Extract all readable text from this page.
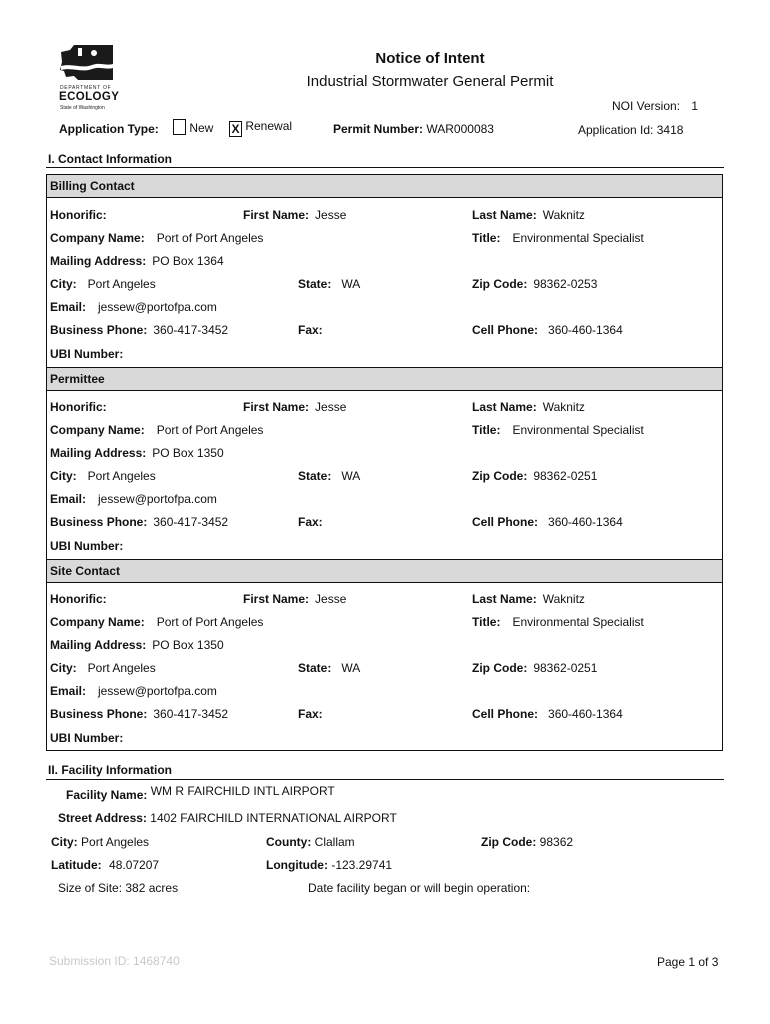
DEPARTMENT OF
ECOLOGY
State of Washington
Notice of Intent
Industrial Stormwater General Permit
NOI Version: 1
Application Type:	New X Renewal	Permit Number: WAR000083	Application Id: 3418
I. Contact Information
Billing Contact
Honorific:	First Name: Jesse	Last Name: Waknitz
Company Name: Port of Port Angeles	Title: Environmental Specialist
Mailing Address: PO Box 1364
City: Port Angeles	State: WA	Zip Code: 98362-0253
Email: jessew@portofpa.com
Business Phone: 360-417-3452	Fax:	Cell Phone: 360-460-1364
UBI Number:
Permittee
Honorific:	First Name: Jesse	Last Name: Waknitz
Company Name: Port of Port Angeles	Title: Environmental Specialist
Mailing Address: PO Box 1350
City: Port Angeles	State: WA	Zip Code: 98362-0251
Email: jessew@portofpa.com
Business Phone: 360-417-3452	Fax:	Cell Phone: 360-460-1364
UBI Number:
Site Contact
Honorific:	First Name: Jesse	Last Name: Waknitz
Company Name: Port of Port Angeles	Title: Environmental Specialist
Mailing Address: PO Box 1350
City: Port Angeles	State: WA	Zip Code: 98362-0251
Email: jessew@portofpa.com
Business Phone: 360-417-3452	Fax:	Cell Phone: 360-460-1364
UBI Number:
II. Facility Information
Facility Name: WM R FAIRCHILD INTL AIRPORT
Street Address: 1402 FAIRCHILD INTERNATIONAL AIRPORT
City: Port Angeles	County: Clallam	Zip Code: 98362
Latitude: 48.07207	Longitude: -123.29741
Size of Site: 382 acres	Date facility began or will begin operation:
Submission ID: 1468740	Page 1 of 3
